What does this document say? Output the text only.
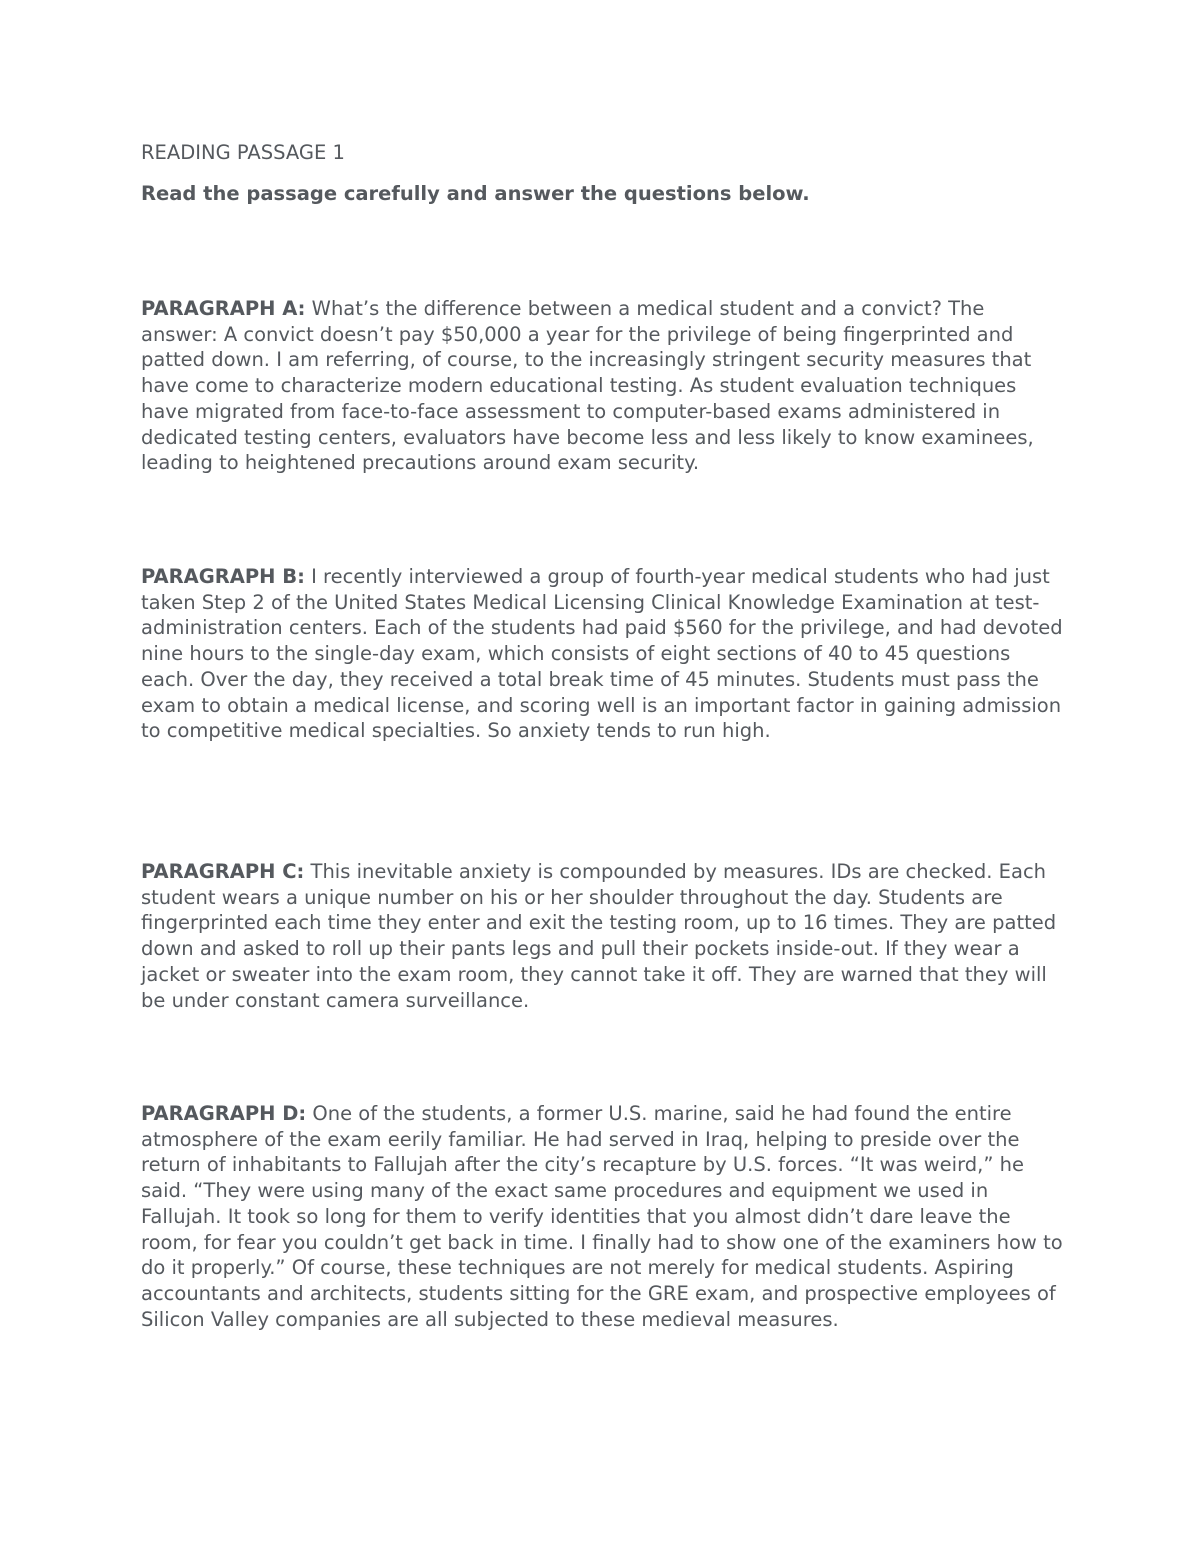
READING PASSAGE 1
Read the passage carefully and answer the questions below.

PARAGRAPH A: What’s the difference between a medical student and a convict? The answer: A convict doesn’t pay $50,000 a year for the privilege of being fingerprinted and patted down. I am referring, of course, to the increasingly stringent security measures that have come to characterize modern educational testing. As student evaluation techniques have migrated from face-to-face assessment to computer-based exams administered in dedicated testing centers, evaluators have become less and less likely to know examinees, leading to heightened precautions around exam security.

PARAGRAPH B: I recently interviewed a group of fourth-year medical students who had just taken Step 2 of the United States Medical Licensing Clinical Knowledge Examination at test-administration centers. Each of the students had paid $560 for the privilege, and had devoted nine hours to the single-day exam, which consists of eight sections of 40 to 45 questions each. Over the day, they received a total break time of 45 minutes. Students must pass the exam to obtain a medical license, and scoring well is an important factor in gaining admission to competitive medical specialties. So anxiety tends to run high.

PARAGRAPH C: This inevitable anxiety is compounded by measures. IDs are checked. Each student wears a unique number on his or her shoulder throughout the day. Students are fingerprinted each time they enter and exit the testing room, up to 16 times. They are patted down and asked to roll up their pants legs and pull their pockets inside-out. If they wear a jacket or sweater into the exam room, they cannot take it off. They are warned that they will be under constant camera surveillance.

PARAGRAPH D: One of the students, a former U.S. marine, said he had found the entire atmosphere of the exam eerily familiar. He had served in Iraq, helping to preside over the return of inhabitants to Fallujah after the city’s recapture by U.S. forces. “It was weird,” he said. “They were using many of the exact same procedures and equipment we used in Fallujah. It took so long for them to verify identities that you almost didn’t dare leave the room, for fear you couldn’t get back in time. I finally had to show one of the examiners how to do it properly.” Of course, these techniques are not merely for medical students. Aspiring accountants and architects, students sitting for the GRE exam, and prospective employees of Silicon Valley companies are all subjected to these medieval measures.
